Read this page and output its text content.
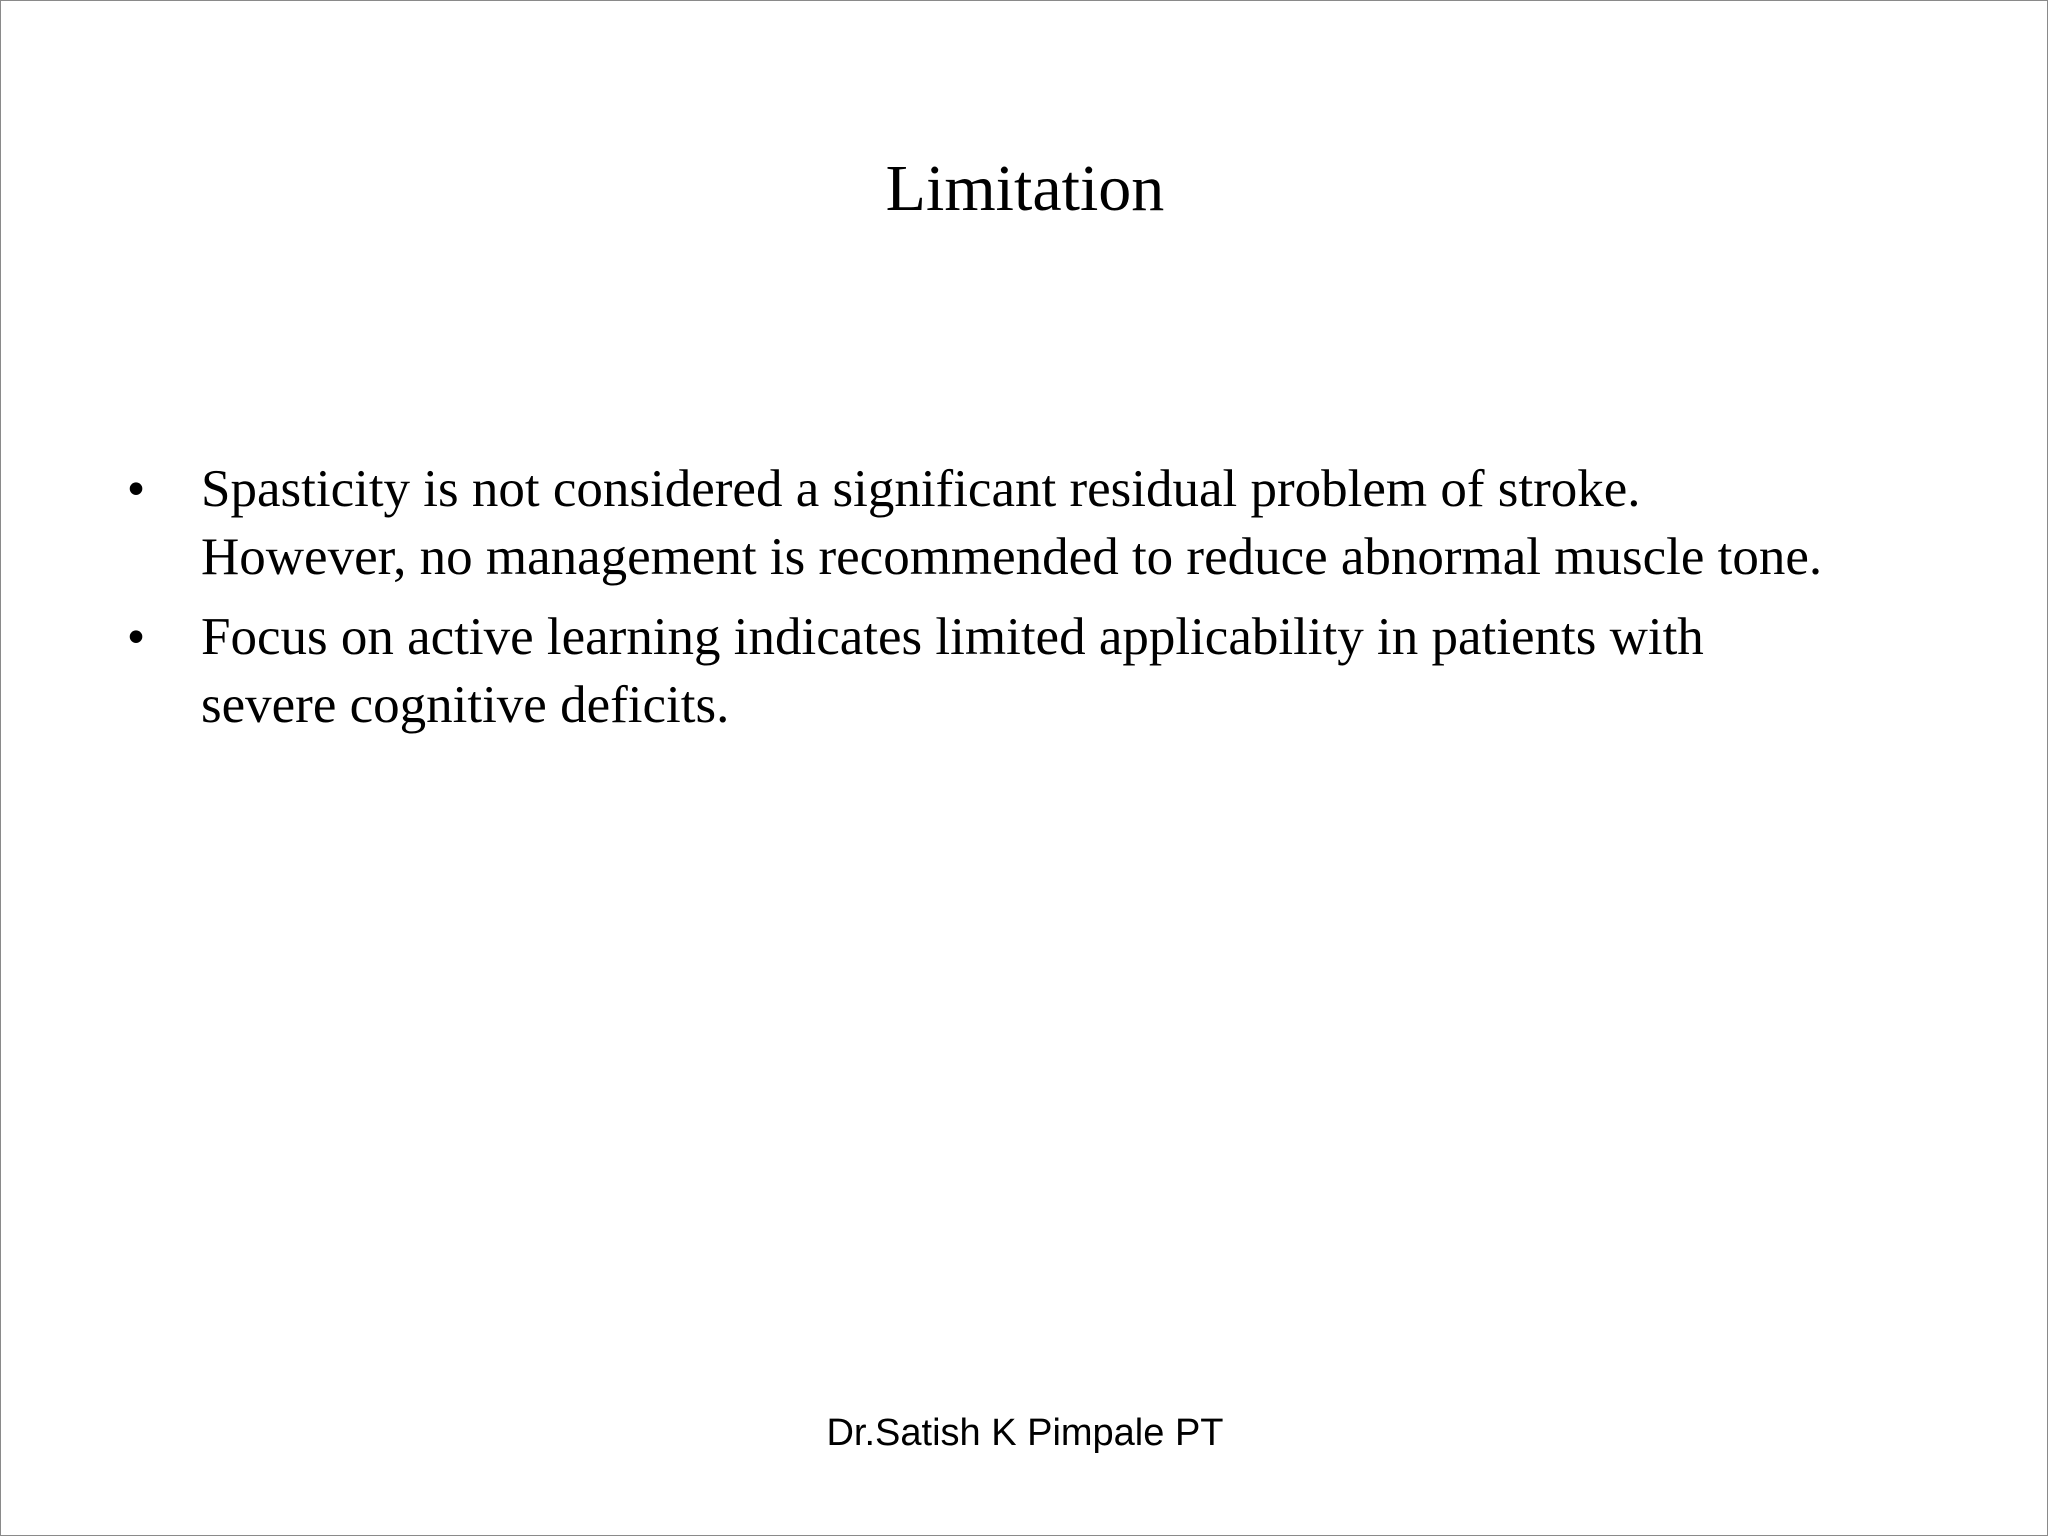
Limitation
• Spasticity is not considered a significant residual problem of stroke. However, no management is recommended to reduce abnormal muscle tone.
• Focus on active learning indicates limited applicability in patients with severe cognitive deficits.
Dr.Satish K Pimpale PT
